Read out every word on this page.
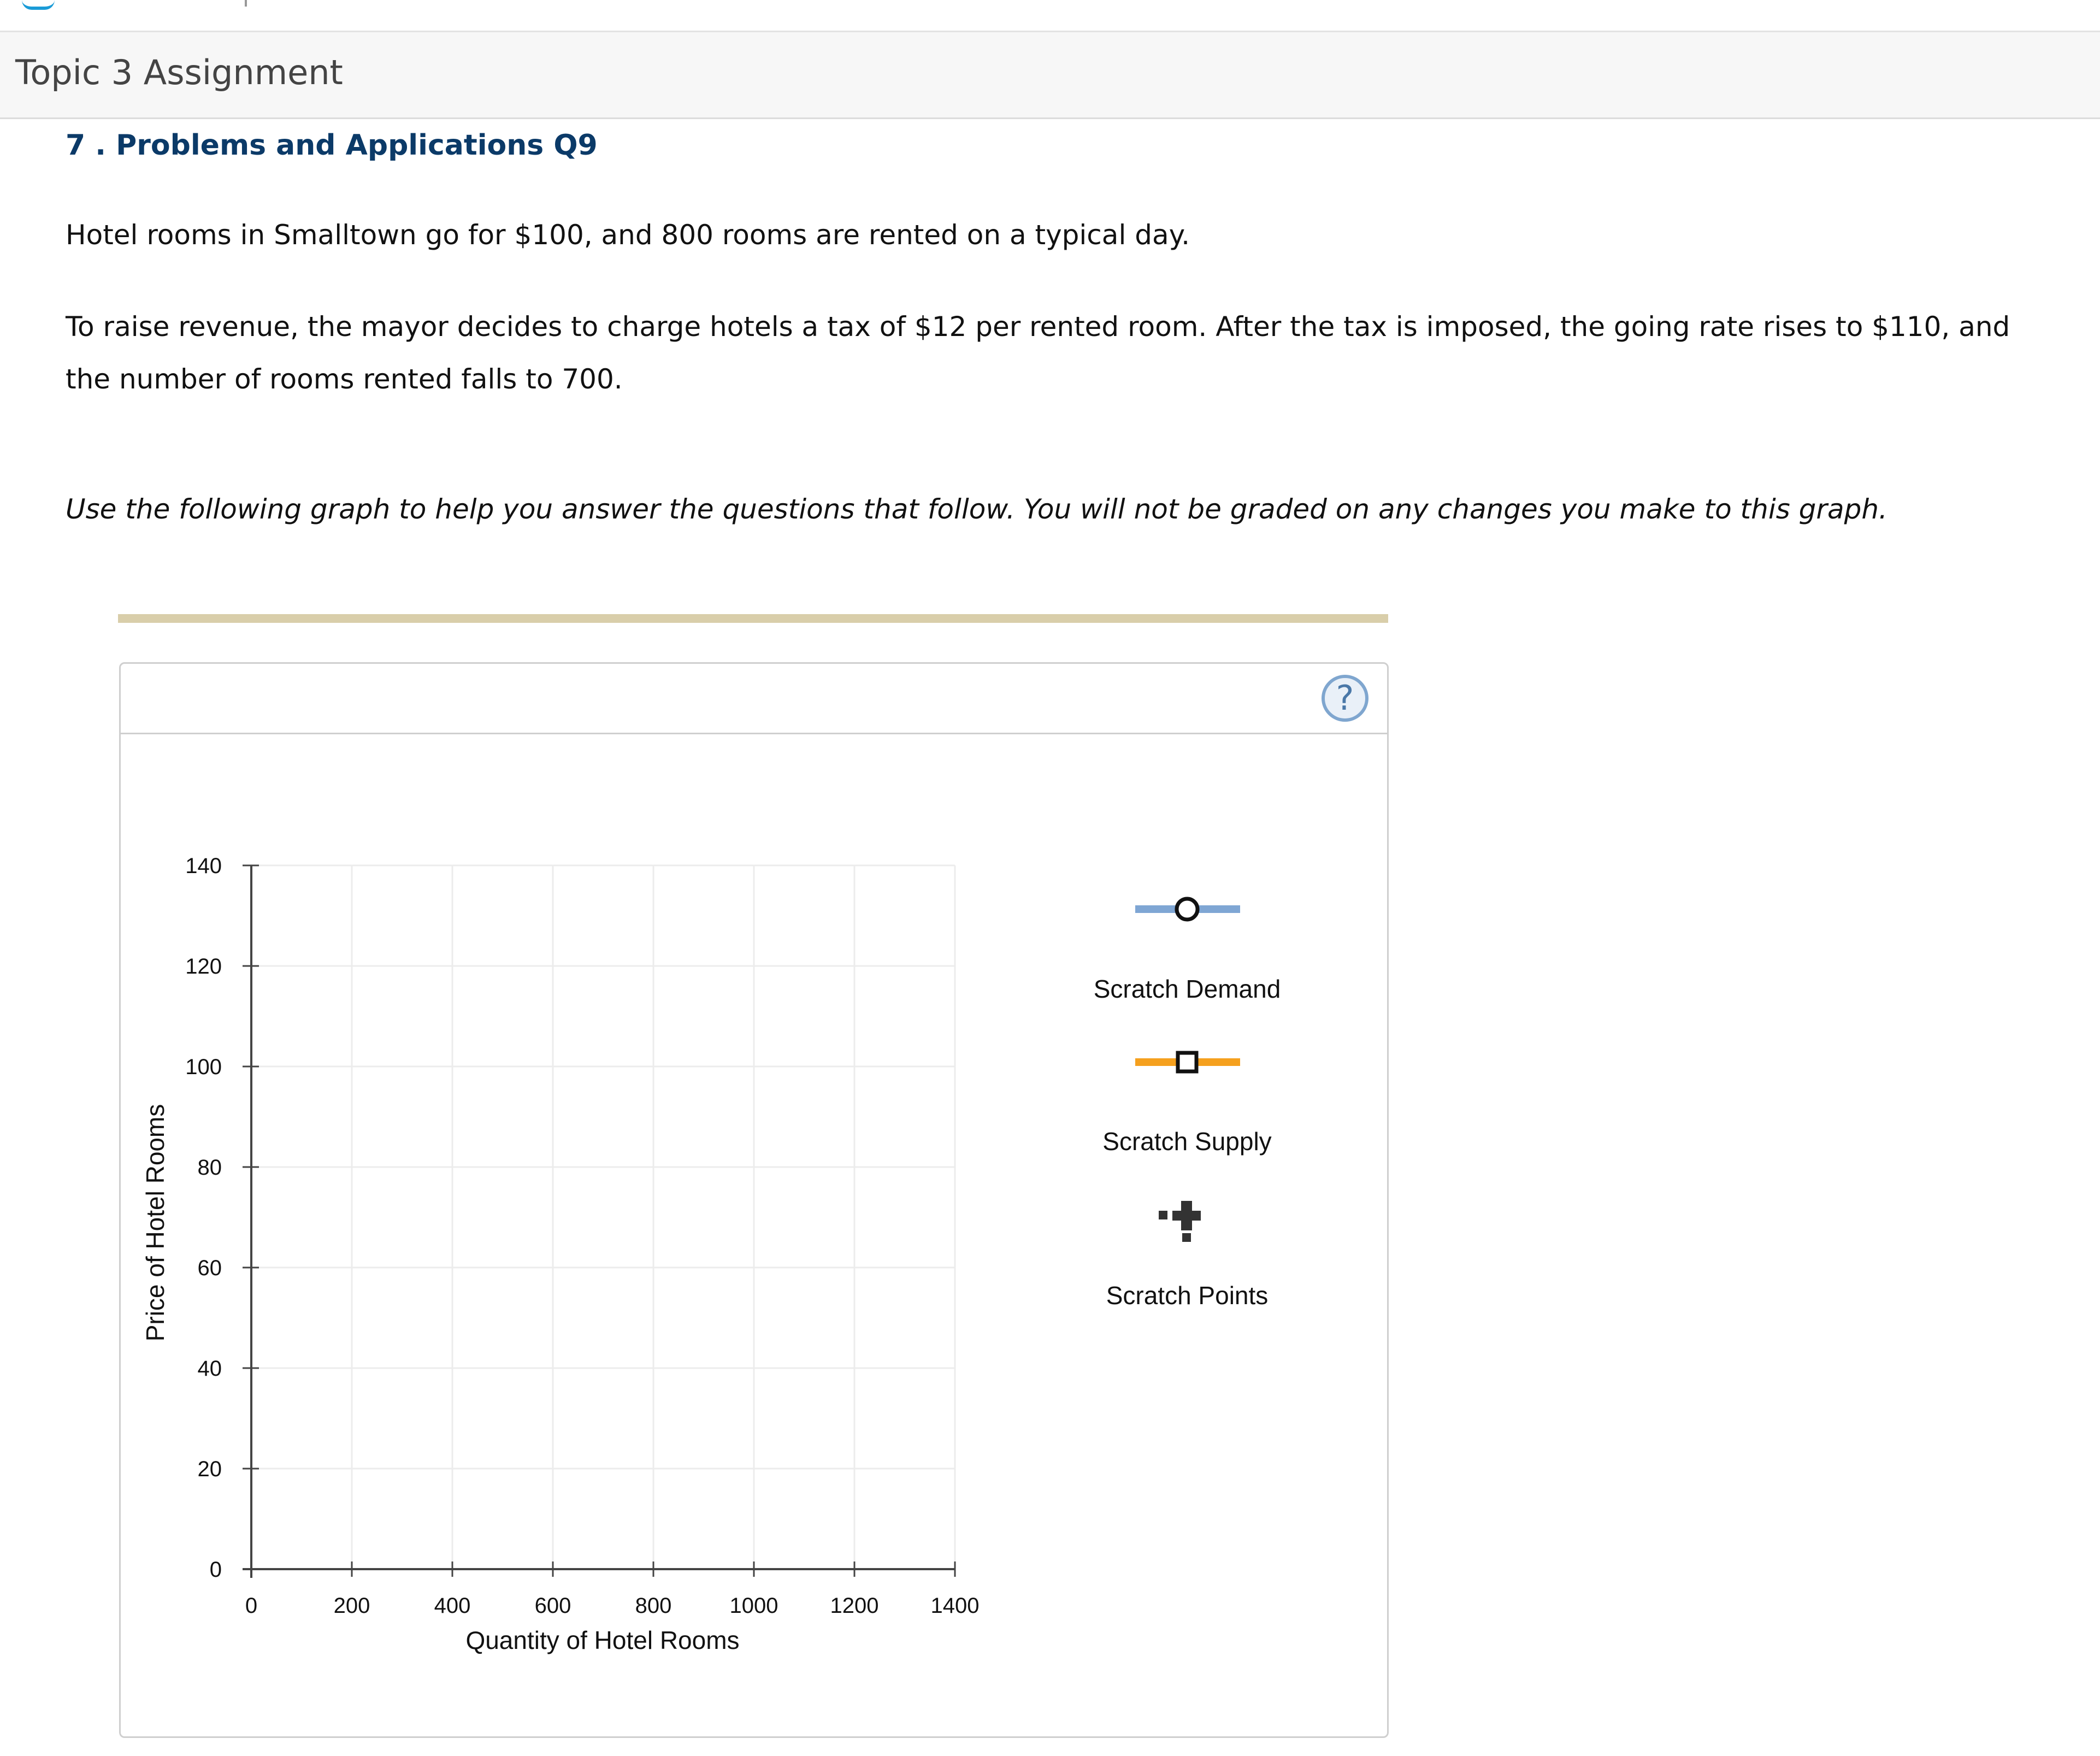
Topic 3 Assignment
7 . Problems and Applications Q9
Hotel rooms in Smalltown go for $100, and 800 rooms are rented on a typical day.
To raise revenue, the mayor decides to charge hotels a tax of $12 per rented room. After the tax is imposed, the going rate rises to $110, and the number of rooms rented falls to 700.
Use the following graph to help you answer the questions that follow. You will not be graded on any changes you make to this graph.
?
0	200	400	600	800	1000 1200 1400
0
20
40
60
80
100
120
140
Quantity of Hotel Rooms
Price of Hotel Rooms
Scratch Demand
Scratch Supply
Scratch Points
